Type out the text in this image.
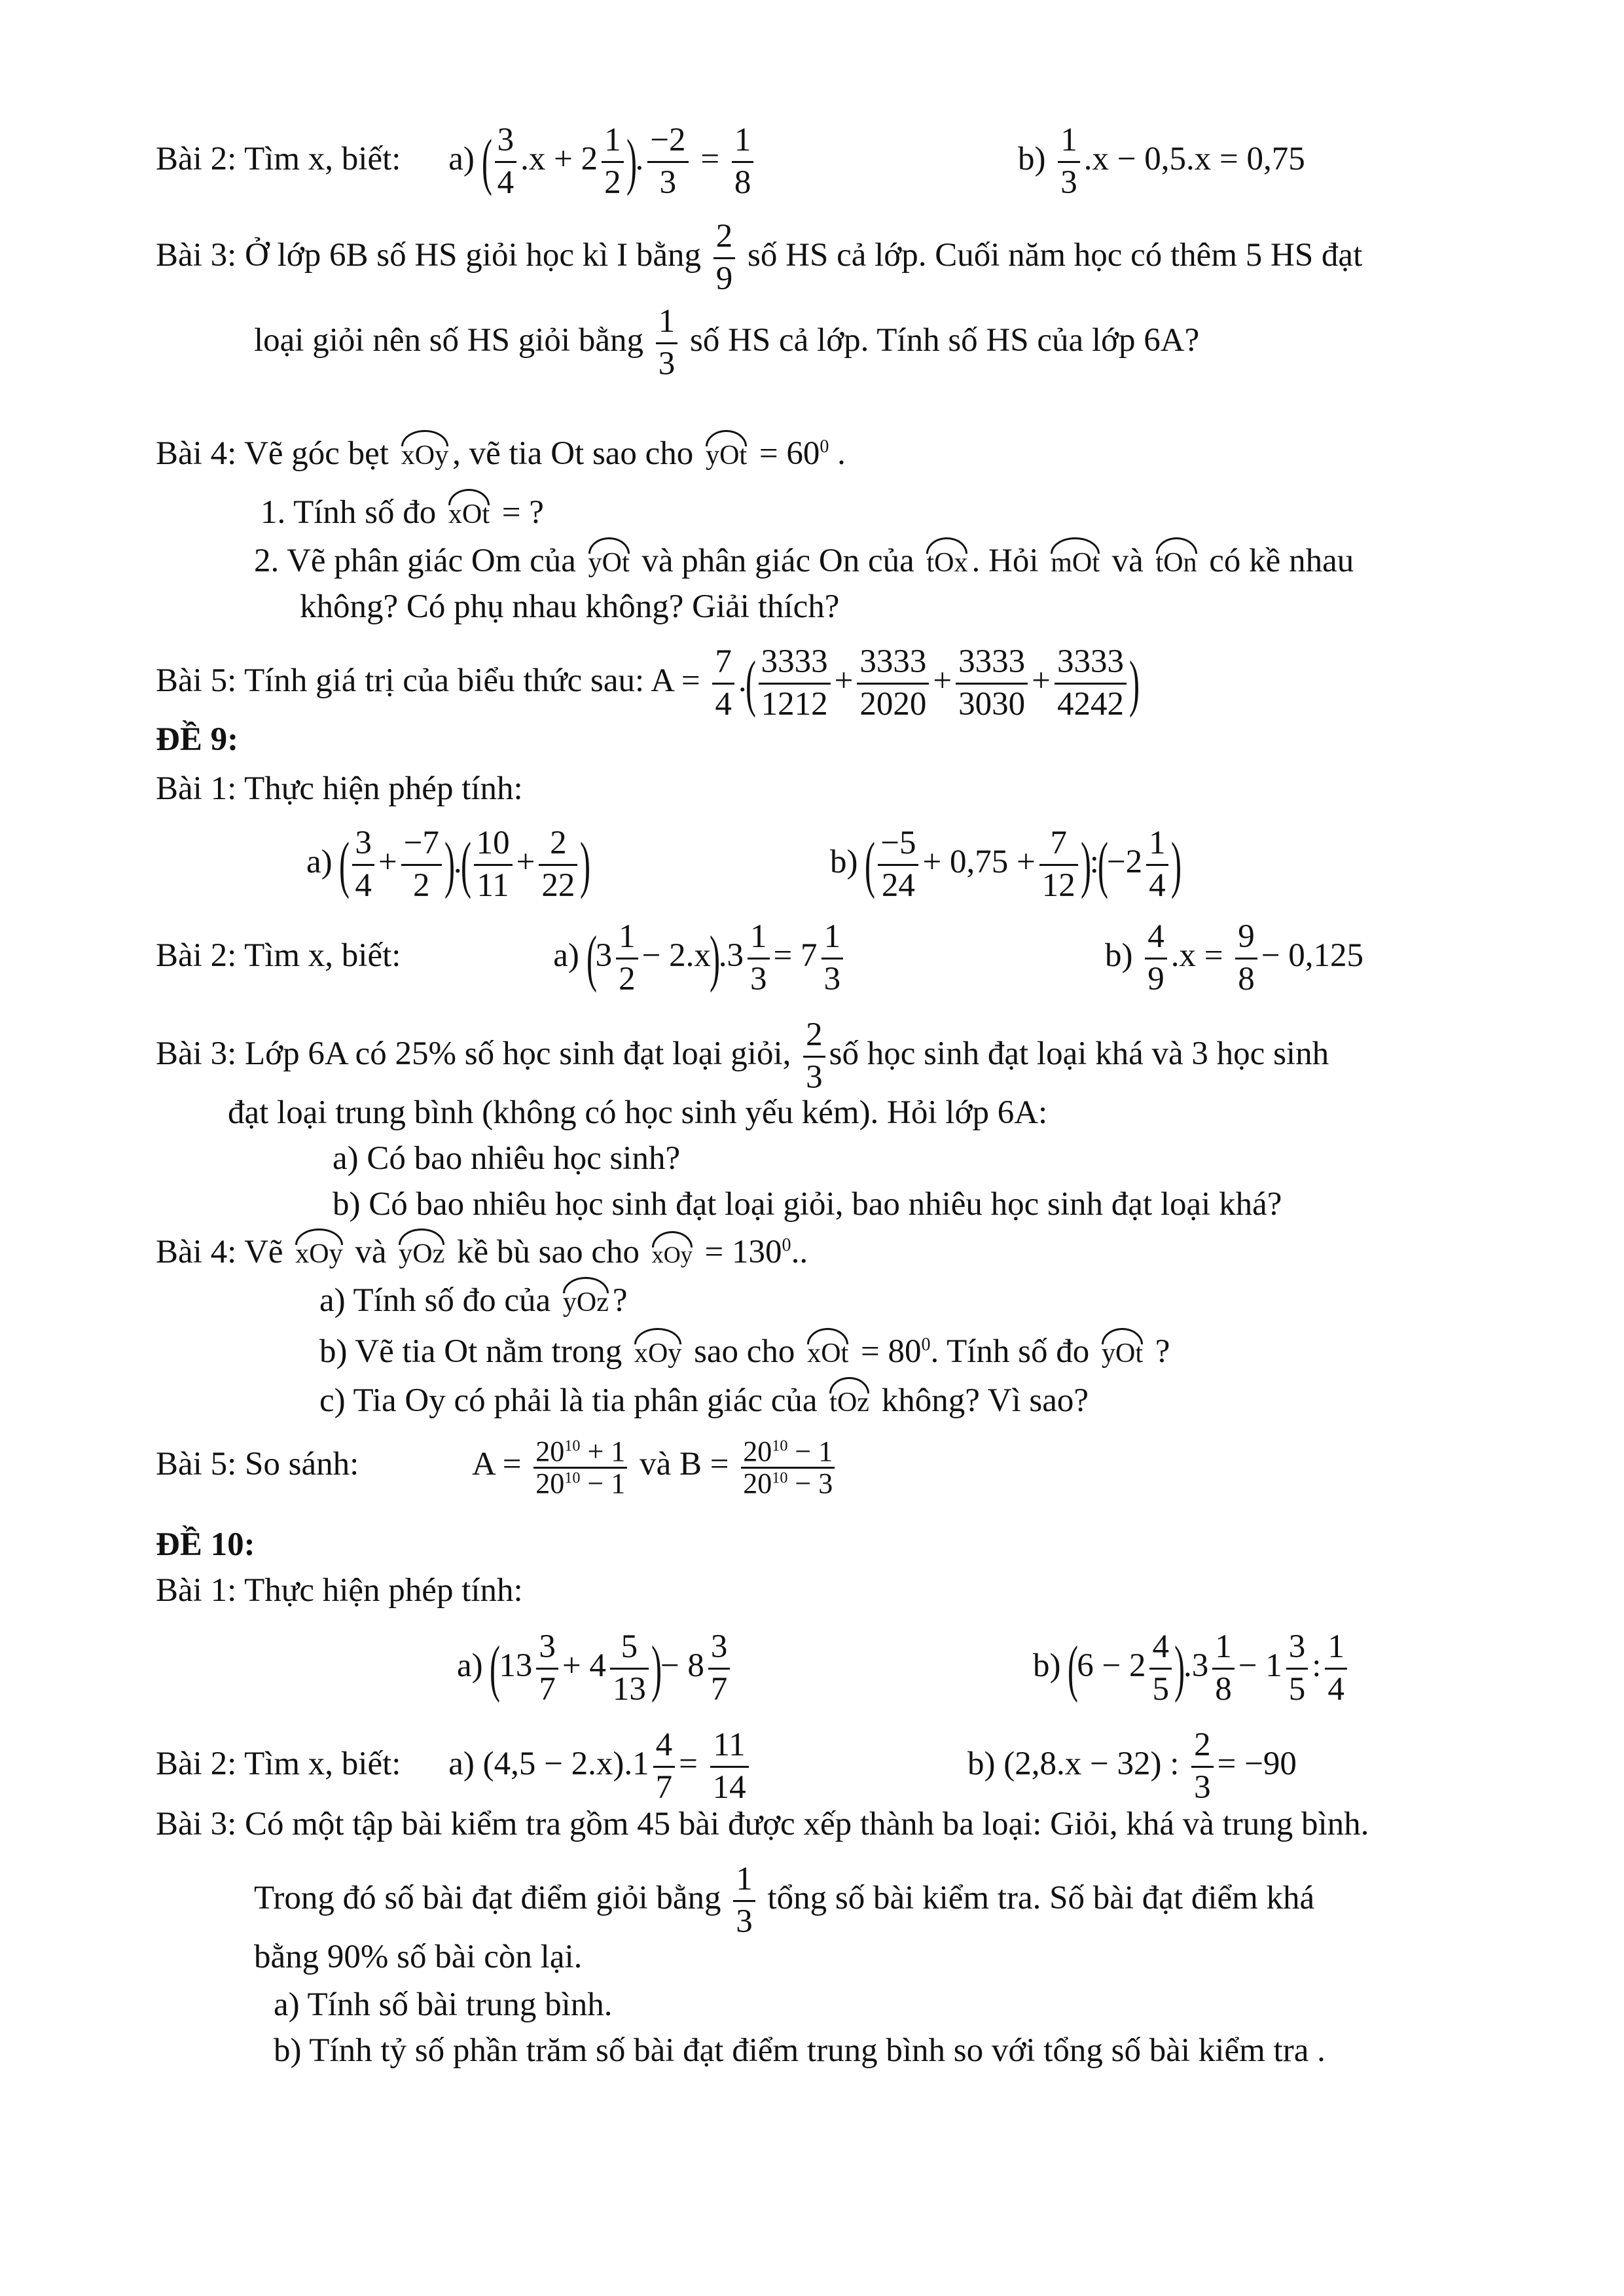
Bài 2: Tìm x, biết: a) ( $\frac{3}{4} .x + 2 \frac{1}{2}$ ). $\frac{-2}{3} = \frac{1}{8}$	$b) \frac{1}{3} .x - 0,5.x = 0,75$
Bài 3: Ở lớp 6B số HS giỏi học kì I bằng $\frac{2}{9}$ số HS cả lớp. Cuối năm học có thêm 5 HS đạt
loại giỏi nên số HS giỏi bằng $\frac{1}{3}$ số HS cả lớp. Tính số HS của lớp 6A?
Bài 4: Vẽ góc bẹt xOy , vẽ tia Ot sao cho yOt = $60^0$ .
1. Tính số đo xOt = ?
2. Vẽ phân giác Om của yOt và phân giác On của tOx . Hỏi mOt và tOn có kề nhau
không? Có phụ nhau không? Giải thích?
Bài 5: Tính giá trị của biểu thức sau: $A = \frac{7}{4}$ .( $\frac{3333}{1212} + \frac{3333}{2020} + \frac{3333}{3030} + \frac{3333}{4242}$ )
ĐỀ 9:
Bài 1: Thực hiện phép tính:
a) ( $\frac{3}{4} + \frac{-7}{2}$ ).( $\frac{10}{11} + \frac{2}{22}$ )	b) ( $\frac{-5}{24} + 0,75 + \frac{7}{12}$ ):(−2 $\frac{1}{4}$ )
Bài 2: Tìm x, biết:	a) $(3 \frac{1}{2} - 2.x).3 \frac{1}{3} = 7 \frac{1}{3}$	$b) \frac{4}{9} .x = \frac{9}{8} - 0,125$
Bài 3: Lớp 6A có 25% số học sinh đạt loại giỏi, $\frac{2}{3}$ số học sinh đạt loại khá và 3 học sinh
đạt loại trung bình (không có học sinh yếu kém). Hỏi lớp 6A:
a) Có bao nhiêu học sinh?
b) Có bao nhiêu học sinh đạt loại giỏi, bao nhiêu học sinh đạt loại khá?
Bài 4: Vẽ xOy và yOz kề bù sao cho xOy = $130^0$..
a) Tính số đo của yOz ?
b) Vẽ tia Ot nằm trong xOy sao cho xOt = $80^0$. Tính số đo yOt ?
c) Tia Oy có phải là tia phân giác của tOz không? Vì sao?
Bài 5: So sánh:	$A = \frac{20^{10} + 1}{20^{10} - 1}$ và $B = \frac{20^{10} - 1}{20^{10} - 3}$
ĐỀ 10:
Bài 1: Thực hiện phép tính:
a) ($13 \frac{3}{7} + 4 \frac{5}{13}$ )− $8 \frac{3}{7}$	b) $(6 - 2 \frac{4}{5} ).3 \frac{1}{8} - 1 \frac{3}{5}$ : $\frac{1}{4}$
Bài 2: Tìm x, biết: a) $(4,5 - 2.x).1 \frac{4}{7} = \frac{11}{14}$	b) (2,8.x − 32) : $\frac{2}{3} = -90$
Bài 3: Có một tập bài kiểm tra gồm 45 bài được xếp thành ba loại: Giỏi, khá và trung bình.
Trong đó số bài đạt điểm giỏi bằng $\frac{1}{3}$ tổng số bài kiểm tra. Số bài đạt điểm khá
bằng 90% số bài còn lại.
a) Tính số bài trung bình.
b) Tính tỷ số phần trăm số bài đạt điểm trung bình so với tổng số bài kiểm tra .
